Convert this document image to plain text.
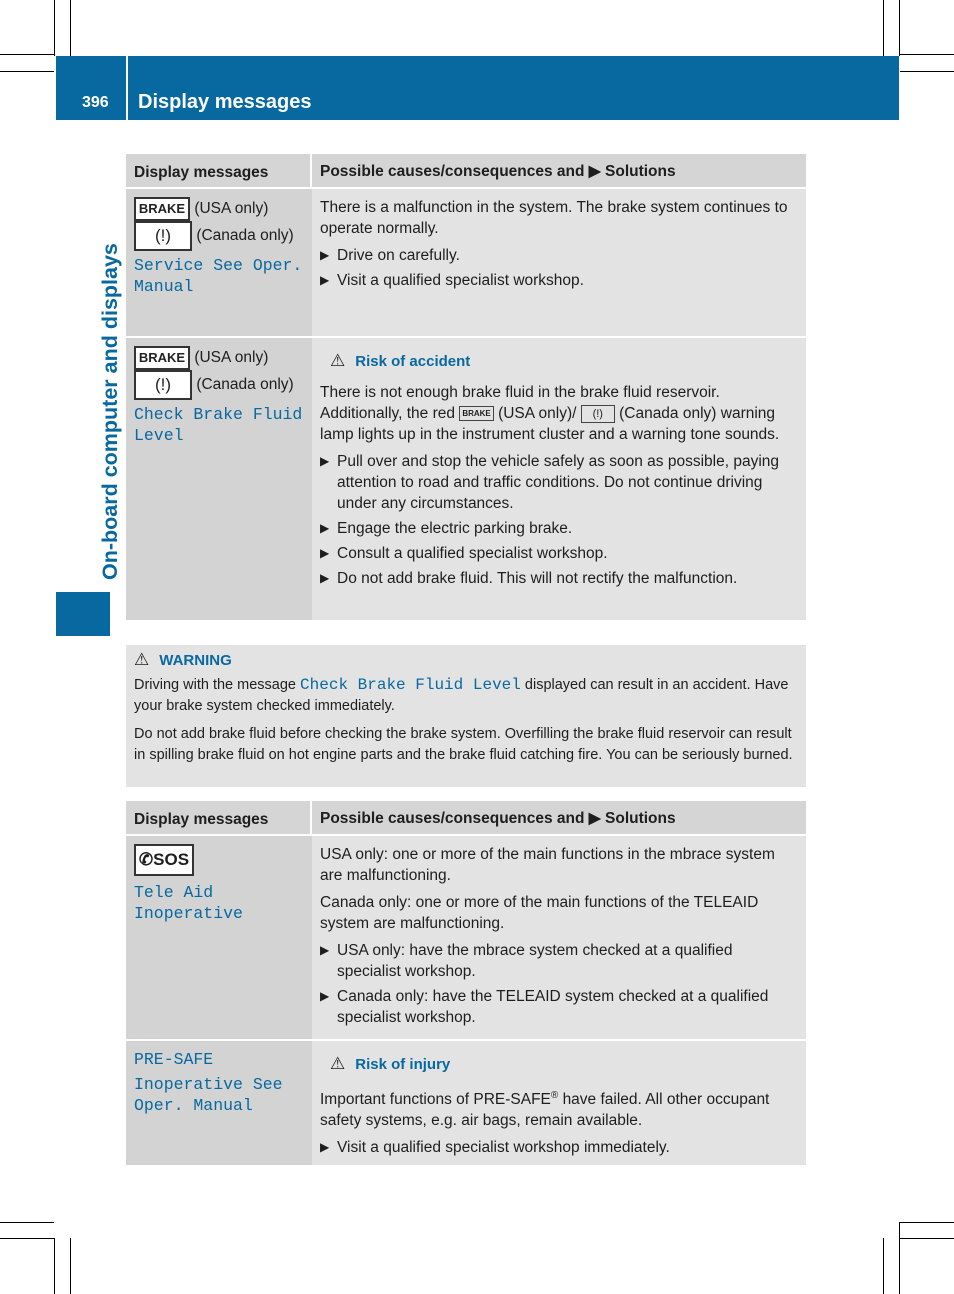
396 Display messages
On-board computer and displays
Display messages	Possible causes/consequences and ▶ Solutions
BRAKE (USA only) (!) (Canada only)
Service See Oper. Manual

There is a malfunction in the system. The brake system continues to operate normally.

▶ Drive on carefully.
▶ Visit a qualified specialist workshop.
BRAKE (USA only) (!) (Canada only)
Check Brake Fluid Level
⚠ Risk of accident

There is not enough brake fluid in the brake fluid reservoir. Additionally, the red BRAKE (USA only)/ (!) (Canada only) warning lamp lights up in the instrument cluster and a warning tone sounds.

▶ Pull over and stop the vehicle safely as soon as possible, paying attention to road and traffic conditions. Do not continue driving under any circumstances.
▶ Engage the electric parking brake.
▶ Consult a qualified specialist workshop.
▶ Do not add brake fluid. This will not rectify the malfunction.
⚠ WARNING

Driving with the message Check Brake Fluid Level displayed can result in an accident. Have your brake system checked immediately.

Do not add brake fluid before checking the brake system. Overfilling the brake fluid reservoir can result in spilling brake fluid on hot engine parts and the brake fluid catching fire. You can be seriously burned.

Display messages	Possible causes/consequences and ▶ Solutions
✆SOS
Tele Aid Inoperative

USA only: one or more of the main functions in the mbrace system are malfunctioning.

Canada only: one or more of the main functions of the TELEAID system are malfunctioning.

▶ USA only: have the mbrace system checked at a qualified specialist workshop.
▶ Canada only: have the TELEAID system checked at a qualified specialist workshop.
PRE-SAFE
Inoperative See Oper. Manual
⚠ Risk of injury

Important functions of PRE-SAFE® have failed. All other occupant safety systems, e.g. air bags, remain available.

▶ Visit a qualified specialist workshop immediately.
